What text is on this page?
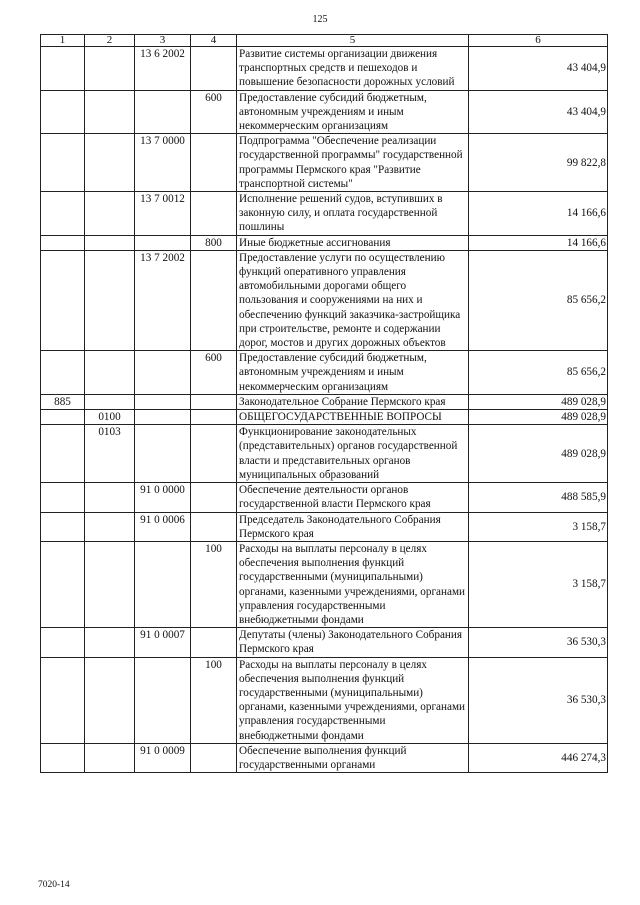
125
1	2	3	4	5	6
		13 6 2002		Развитие системы организации движения транспортных средств и пешеходов и повышение безопасности дорожных условий	43 404,9
			600	Предоставление субсидий бюджетным, автономным учреждениям и иным некоммерческим организациям	43 404,9
		13 7 0000		Подпрограмма "Обеспечение реализации государственной программы" государственной программы Пермского края "Развитие транспортной системы"	99 822,8
		13 7 0012		Исполнение решений судов, вступивших в законную силу, и оплата государственной пошлины	14 166,6
			800	Иные бюджетные ассигнования	14 166,6
		13 7 2002		Предоставление услуги по осуществлению функций оперативного управления автомобильными дорогами общего пользования и сооружениями на них и обеспечению функций заказчика-застройщика при строительстве, ремонте и содержании дорог, мостов и других дорожных объектов	85 656,2
			600	Предоставление субсидий бюджетным, автономным учреждениям и иным некоммерческим организациям	85 656,2
885				Законодательное Собрание Пермского края	489 028,9
	0100			ОБЩЕГОСУДАРСТВЕННЫЕ ВОПРОСЫ	489 028,9
	0103			Функционирование законодательных (представительных) органов государственной власти и представительных органов муниципальных образований	489 028,9
		91 0 0000		Обеспечение деятельности органов государственной власти Пермского края	488 585,9
		91 0 0006		Председатель Законодательного Собрания Пермского края	3 158,7
			100	Расходы на выплаты персоналу в целях обеспечения выполнения функций государственными (муниципальными) органами, казенными учреждениями, органами управления государственными внебюджетными фондами	3 158,7
		91 0 0007		Депутаты (члены) Законодательного Собрания Пермского края	36 530,3
			100	Расходы на выплаты персоналу в целях обеспечения выполнения функций государственными (муниципальными) органами, казенными учреждениями, органами управления государственными внебюджетными фондами	36 530,3
		91 0 0009		Обеспечение выполнения функций государственными органами	446 274,3
7020-14
